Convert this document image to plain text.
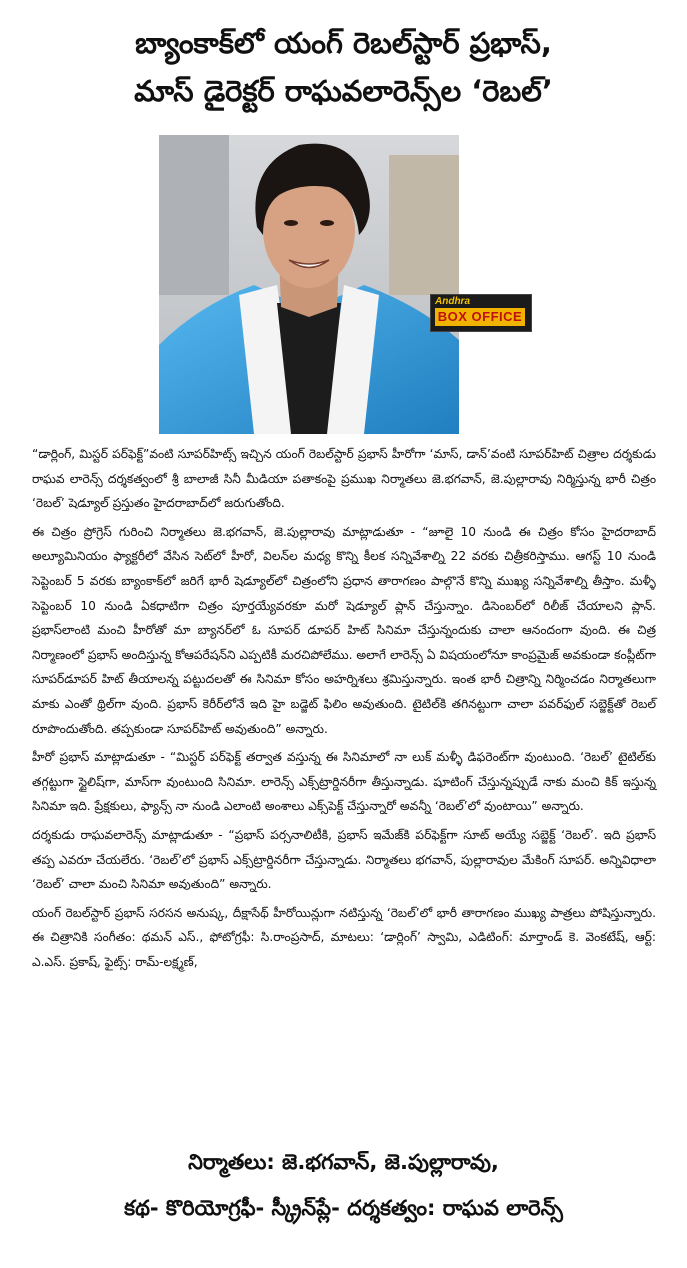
బ్యాంకాక్‌లో యంగ్ రెబల్‌స్టార్ ప్రభాస్,
మాస్ డైరెక్టర్ రాఘవలారెన్స్‌ల ‘రెబల్’
Andhra
BOX OFFICE

“డార్లింగ్, మిస్టర్ పర్‌ఫెక్ట్”వంటి సూపర్‌హిట్స్ ఇచ్చిన యంగ్ రెబల్‌స్టార్ ప్రభాస్ హీరోగా ‘మాస్, డాన్’వంటి సూపర్‌హిట్ చిత్రాల దర్శకుడు రాఘవ లారెన్స్ దర్శకత్వంలో శ్రీ బాలాజీ సినీ మీడియా పతాకంపై ప్రముఖ నిర్మాతలు జె.భగవాన్, జె.పుల్లారావు నిర్మిస్తున్న భారీ చిత్రం ‘రెబల్’ షెడ్యూల్ ప్రస్తుతం హైదరాబాద్‌లో జరుగుతోంది.

ఈ చిత్రం ప్రోగ్రెస్ గురించి నిర్మాతలు జె.భగవాన్, జె.పుల్లారావు మాట్లాడుతూ - “జూలై 10 నుండి ఈ చిత్రం కోసం హైదరాబాద్ అల్యూమినియం ఫ్యాక్టరీలో వేసిన సెట్‌లో హీరో, విలన్‌ల మధ్య కొన్ని కీలక సన్నివేశాల్ని 22 వరకు చిత్రీకరిస్తాము. ఆగస్ట్ 10 నుండి సెప్టెంబర్ 5 వరకు బ్యాంకాక్‌లో జరిగే భారీ షెడ్యూల్‌లో చిత్రంలోని ప్రధాన తారాగణం పాల్గొనే కొన్ని ముఖ్య సన్నివేశాల్ని తీస్తాం. మళ్ళీ సెప్టెంబర్ 10 నుండి ఏకధాటిగా చిత్రం పూర్తయ్యేవరకూ మరో షెడ్యూల్ ప్లాన్ చేస్తున్నాం. డిసెంబర్‌లో రిలీజ్ చేయాలని ప్లాన్. ప్రభాస్‌లాంటి మంచి హీరోతో మా బ్యానర్‌లో ఓ సూపర్ డూపర్ హిట్ సినిమా చేస్తున్నందుకు చాలా ఆనందంగా వుంది. ఈ చిత్ర నిర్మాణంలో ప్రభాస్ అందిస్తున్న కోఆపరేషన్‌ని ఎప్పటికీ మరచిపోలేము. అలాగే లారెన్స్ ఏ విషయంలోనూ కాంప్రమైజ్ అవకుండా కంప్లీట్‌గా సూపర్‌డూపర్ హిట్ తీయాలన్న పట్టుదలతో ఈ సినిమా కోసం అహర్నిశలు శ్రమిస్తున్నారు. ఇంత భారీ చిత్రాన్ని నిర్మించడం నిర్మాతలుగా మాకు ఎంతో థ్రిల్‌గా వుంది. ప్రభాస్ కెరీర్‌లోనే ఇది హై బడ్జెట్ ఫిలిం అవుతుంది. టైటిల్‌కి తగినట్టుగా చాలా పవర్‌ఫుల్ సబ్జెక్ట్‌తో రెబల్ రూపొందుతోంది. తప్పకుండా సూపర్‌హిట్ అవుతుంది” అన్నారు.

హీరో ప్రభాస్ మాట్లాడుతూ - “మిస్టర్ పర్‌ఫెక్ట్ తర్వాత వస్తున్న ఈ సినిమాలో నా లుక్ మళ్ళీ డిఫరెంట్‌గా వుంటుంది. ‘రెబల్’ టైటిల్‌కు తగ్గట్టుగా స్టైలిష్‌గా, మాస్‌గా వుంటుంది సినిమా. లారెన్స్ ఎక్స్‌ట్రార్డినరీగా తీస్తున్నాడు. షూటింగ్ చేస్తున్నప్పుడే నాకు మంచి కిక్ ఇస్తున్న సినిమా ఇది. ప్రేక్షకులు, ఫ్యాన్స్ నా నుండి ఎలాంటి అంశాలు ఎక్స్‌పెక్ట్ చేస్తున్నారో అవన్నీ ‘రెబల్’లో వుంటాయి” అన్నారు.

దర్శకుడు రాఘవలారెన్స్ మాట్లాడుతూ - “ప్రభాస్ పర్సనాలిటీకి, ప్రభాస్ ఇమేజ్‌కి పర్‌ఫెక్ట్‌గా సూట్ అయ్యే సబ్జెక్ట్ ‘రెబల్’. ఇది ప్రభాస్ తప్ప ఎవరూ చేయలేరు. ‘రెబల్’లో ప్రభాస్ ఎక్స్‌ట్రార్డినరీగా చేస్తున్నాడు. నిర్మాతలు భగవాన్, పుల్లారావుల మేకింగ్ సూపర్. అన్నివిధాలా ‘రెబల్’ చాలా మంచి సినిమా అవుతుంది” అన్నారు.

యంగ్ రెబల్‌స్టార్ ప్రభాస్ సరసన అనుష్క, దీక్షాసేథ్ హీరోయిన్లుగా నటిస్తున్న ‘రెబల్’లో భారీ తారాగణం ముఖ్య పాత్రలు పోషిస్తున్నారు. ఈ చిత్రానికి సంగీతం: థమన్ ఎస్., ఫోటోగ్రఫీ: సి.రాంప్రసాద్, మాటలు: ‘డార్లింగ్’ స్వామి, ఎడిటింగ్: మార్తాండ్ కె. వెంకటేష్, ఆర్ట్: ఎ.ఎస్. ప్రకాష్, ఫైట్స్: రామ్-లక్ష్మణ్,

నిర్మాతలు: జె.భగవాన్, జె.పుల్లారావు,
కథ- కొరియోగ్రఫీ- స్క్రీన్‌ప్లే- దర్శకత్వం: రాఘవ లారెన్స్
